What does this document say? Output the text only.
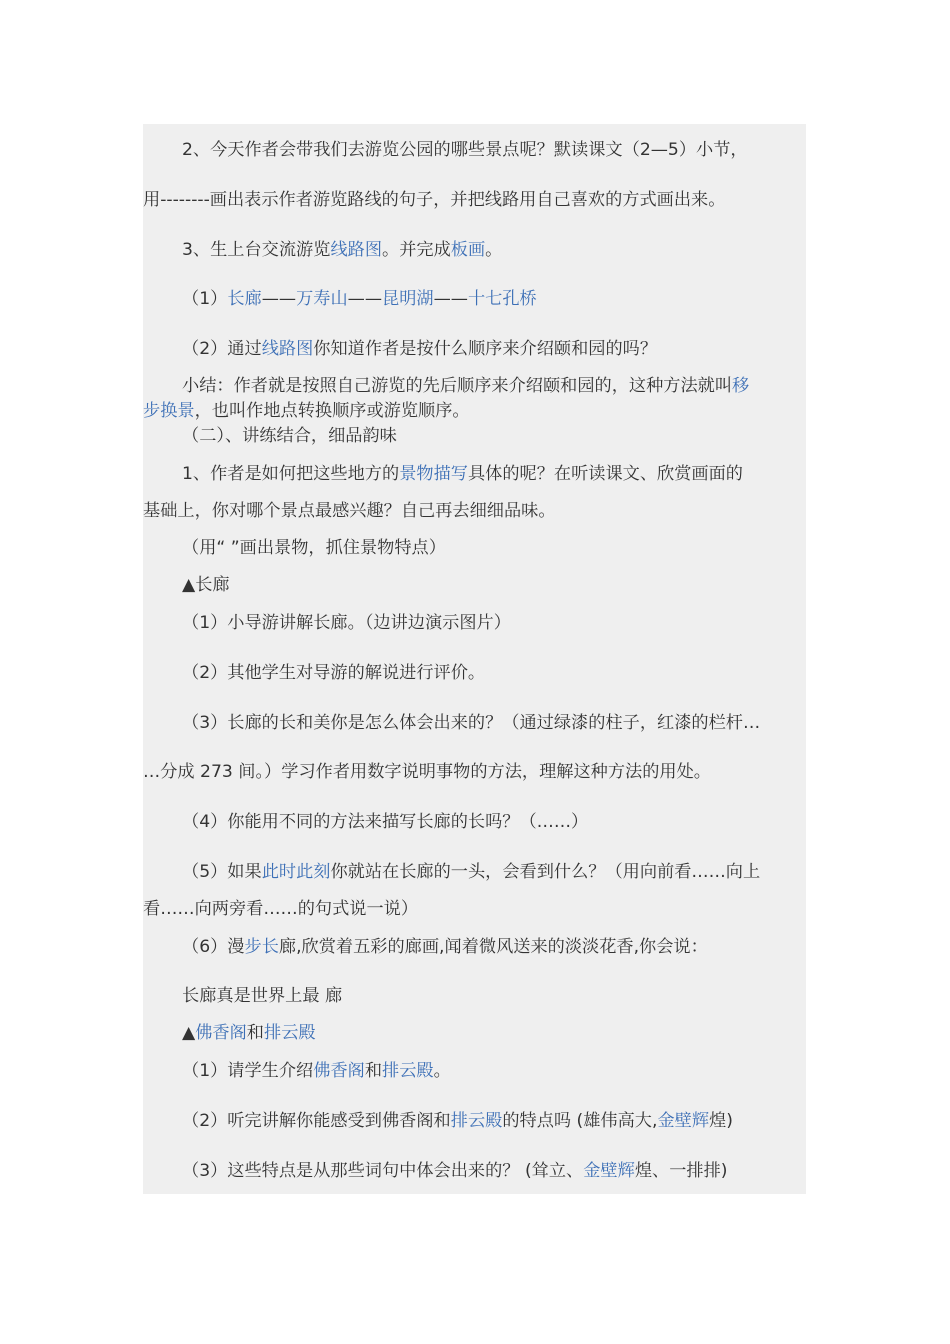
2、今天作者会带我们去游览公园的哪些景点呢？默读课文（2—5）小节，
用--------画出表示作者游览路线的句子，并把线路用自己喜欢的方式画出来。
3、生上台交流游览线路图。并完成板画。
（1）长廊——万寿山——昆明湖——十七孔桥
（2）通过线路图你知道作者是按什么顺序来介绍颐和园的吗？
小结：作者就是按照自己游览的先后顺序来介绍颐和园的，这种方法就叫移
步换景，也叫作地点转换顺序或游览顺序。
（二）、讲练结合，细品韵味
1、作者是如何把这些地方的景物描写具体的呢？在听读课文、欣赏画面的
基础上，你对哪个景点最感兴趣？自己再去细细品味。
（用“ ”画出景物，抓住景物特点）
▲长廊
（1）小导游讲解长廊。（边讲边演示图片）
（2）其他学生对导游的解说进行评价。
（3）长廊的长和美你是怎么体会出来的？（通过绿漆的柱子，红漆的栏杆…
…分成 273 间。）学习作者用数字说明事物的方法，理解这种方法的用处。
（4）你能用不同的方法来描写长廊的长吗？（……）
（5）如果此时此刻你就站在长廊的一头，会看到什么？（用向前看……向上
看……向两旁看……的句式说一说）
（6）漫步长廊,欣赏着五彩的廊画,闻着微风送来的淡淡花香,你会说：
长廊真是世界上最 廊
▲佛香阁和排云殿
（1）请学生介绍佛香阁和排云殿。
（2）听完讲解你能感受到佛香阁和排云殿的特点吗 (雄伟高大,金壁辉煌)
（3）这些特点是从那些词句中体会出来的？ (耸立、金壁辉煌、一排排)
